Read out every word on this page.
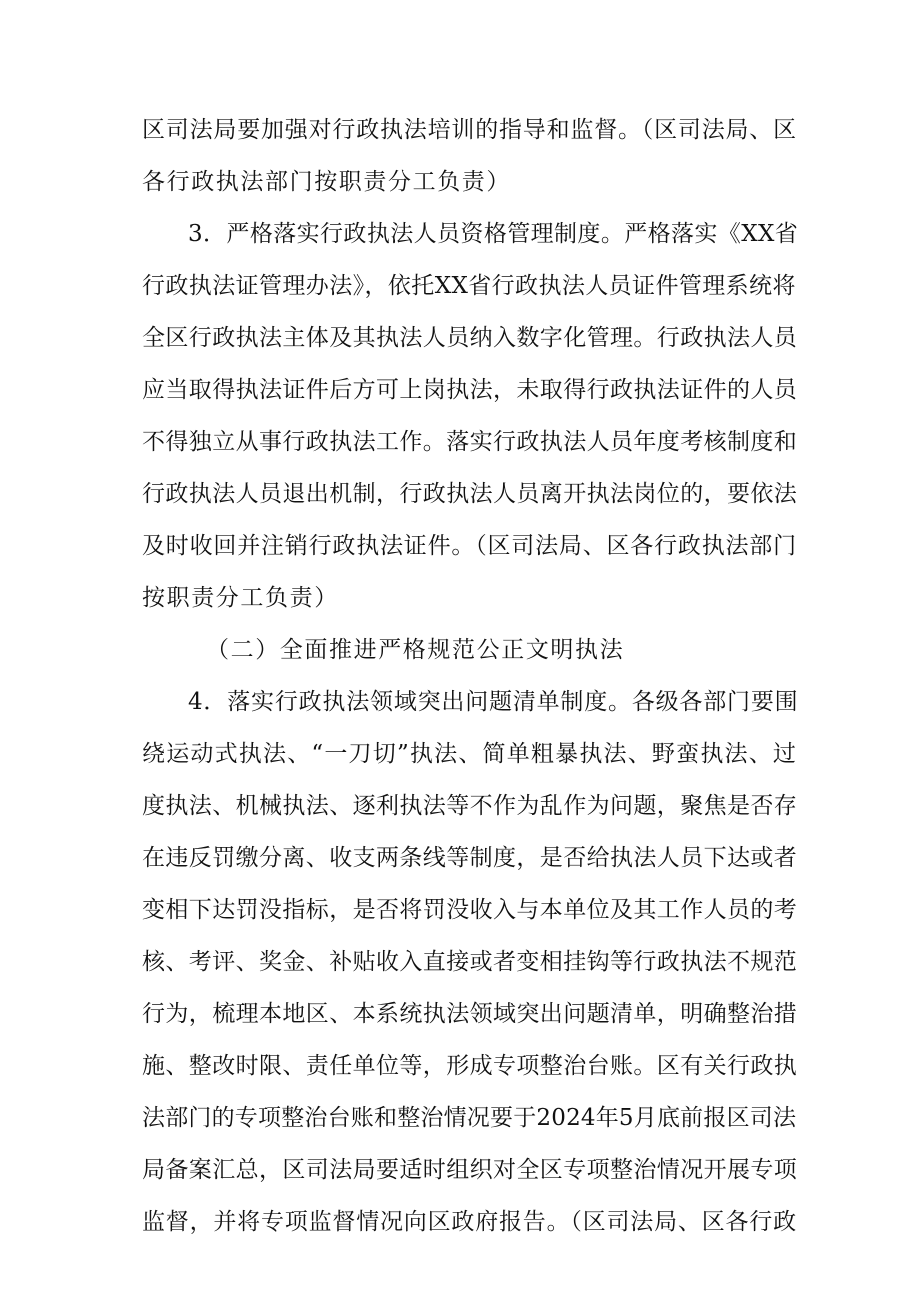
区司法局要加强对行政执法培训的指导和监督。（区司法局、区
各行政执法部门按职责分工负责）
3．严格落实行政执法人员资格管理制度。严格落实《XX省
行政执法证管理办法》，依托XX省行政执法人员证件管理系统将
全区行政执法主体及其执法人员纳入数字化管理。行政执法人员
应当取得执法证件后方可上岗执法，未取得行政执法证件的人员
不得独立从事行政执法工作。落实行政执法人员年度考核制度和
行政执法人员退出机制，行政执法人员离开执法岗位的，要依法
及时收回并注销行政执法证件。（区司法局、区各行政执法部门
按职责分工负责）
（二）全面推进严格规范公正文明执法
4．落实行政执法领域突出问题清单制度。各级各部门要围
绕运动式执法、“一刀切”执法、简单粗暴执法、野蛮执法、过
度执法、机械执法、逐利执法等不作为乱作为问题，聚焦是否存
在违反罚缴分离、收支两条线等制度，是否给执法人员下达或者
变相下达罚没指标，是否将罚没收入与本单位及其工作人员的考
核、考评、奖金、补贴收入直接或者变相挂钩等行政执法不规范
行为，梳理本地区、本系统执法领域突出问题清单，明确整治措
施、整改时限、责任单位等，形成专项整治台账。区有关行政执
法部门的专项整治台账和整治情况要于2024年5月底前报区司法
局备案汇总，区司法局要适时组织对全区专项整治情况开展专项
监督，并将专项监督情况向区政府报告。（区司法局、区各行政
